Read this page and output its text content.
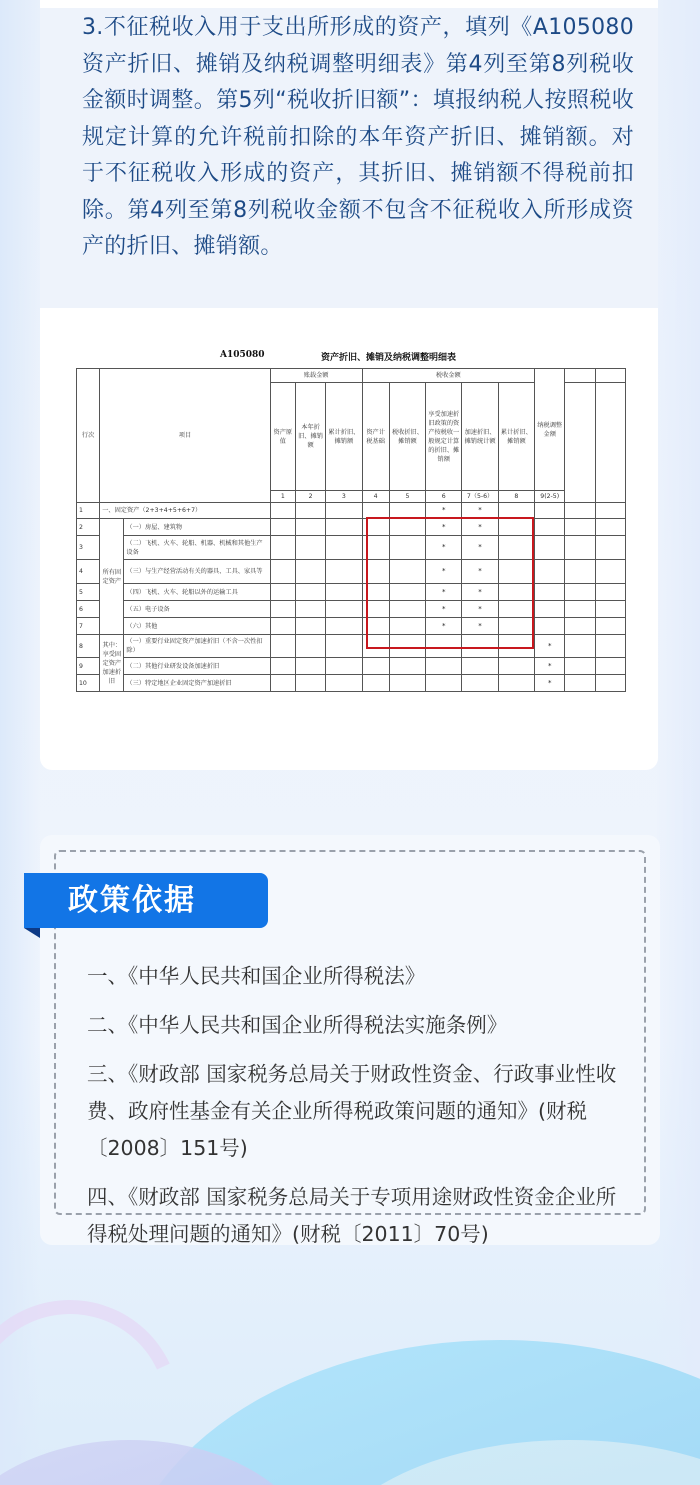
3.不征税收入用于支出所形成的资产，填列《A105080资产折旧、摊销及纳税调整明细表》第4列至第8列税收金额时调整。第5列“税收折旧额”：填报纳税人按照税收规定计算的允许税前扣除的本年资产折旧、摊销额。对于不征税收入形成的资产，其折旧、摊销额不得税前扣除。第4列至第8列税收金额不包含不征税收入所形成资产的折旧、摊销额。

A105080	资产折旧、摊销及纳税调整明细表
行次	项目		账载金额			税收金额					纳税调整金额		
			资产原值	本年折旧、摊销额	累计折旧、摊销额	资产计税基础	税收折旧、摊销额	享受加速折旧政策的资产按税收一般规定计算的折旧、摊销额	加速折旧、摊销统计额	累计折旧、摊销额			
			1	2	3	4	5	6	7（5-6）	8	9(2-5)		
1	一、固定资产（2+3+4+5+6+7）							*	*				
2	所有固定资产	（一）房屋、建筑物						*	*				
3		（二）飞机、火车、轮船、机器、机械和其他生产设备						*	*				
4		（三）与生产经营活动有关的器具、工具、家具等						*	*				
5		（四）飞机、火车、轮船以外的运输工具						*	*				
6		（五）电子设备						*	*				
7		（六）其他						*	*				
8	其中：享受固定资产加速折旧	（一）重要行业固定资产加速折旧（不含一次性扣除）									*		
9		（二）其他行业研发设备加速折旧									*		
10		（三）特定地区企业固定资产加速折旧									*		
政策依据

一、《中华人民共和国企业所得税法》

二、《中华人民共和国企业所得税法实施条例》

三、《财政部 国家税务总局关于财政性资金、行政事业性收费、政府性基金有关企业所得税政策问题的通知》(财税〔2008〕151号)

四、《财政部 国家税务总局关于专项用途财政性资金企业所得税处理问题的通知》(财税〔2011〕70号)
